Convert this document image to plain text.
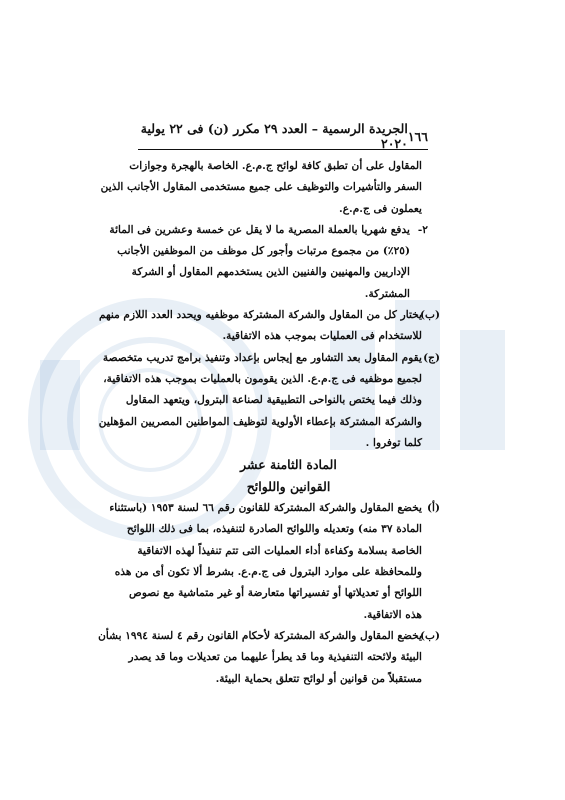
١٦٦
الجريدة الرسمية – العدد ٢٩ مكرر (ن) فى ٢٢ يولية ٢٠٢٠
المقاول على أن تطبق كافة لوائح ج.م.ع. الخاصة بالهجرة وجوازات
السفر والتأشيرات والتوظيف على جميع مستخدمى المقاول الأجانب الذين
يعملون فى ج.م.ع.
٢-
يدفع شهريا بالعملة المصرية ما لا يقل عن خمسة وعشرين فى المائة
(٢٥٪) من مجموع مرتبات وأجور كل موظف من الموظفين الأجانب
الإداريين والمهنيين والفنيين الذين يستخدمهم المقاول أو الشركة
المشتركة.
(ب)
يختار كل من المقاول والشركة المشتركة موظفيه ويحدد العدد اللازم منهم
للاستخدام فى العمليات بموجب هذه الاتفاقية.
(ج)
يقوم المقاول بعد التشاور مع إيجاس بإعداد وتنفيذ برامج تدريب متخصصة
لجميع موظفيه فى ج.م.ع. الذين يقومون بالعمليات بموجب هذه الاتفاقية،
وذلك فيما يختص بالنواحى التطبيقية لصناعة البترول، ويتعهد المقاول
والشركة المشتركة بإعطاء الأولوية لتوظيف المواطنين المصريين المؤهلين
كلما توفروا .
المادة الثامنة عشر
القوانين واللوائح
(أ)
يخضع المقاول والشركة المشتركة للقانون رقم ٦٦ لسنة ١٩٥٣ (باستثناء
المادة ٣٧ منه) وتعديله واللوائح الصادرة لتنفيذه، بما فى ذلك اللوائح
الخاصة بسلامة وكفاءة أداء العمليات التى تتم تنفيذاً لهذه الاتفاقية
وللمحافظة على موارد البترول فى ج.م.ع. بشرط ألا تكون أى من هذه
اللوائح أو تعديلاتها أو تفسيراتها متعارضة أو غير متماشية مع نصوص
هذه الاتفاقية.
(ب)
يخضع المقاول والشركة المشتركة لأحكام القانون رقم ٤ لسنة ١٩٩٤ بشأن
البيئة ولائحته التنفيذية وما قد يطرأ عليهما من تعديلات وما قد يصدر
مستقبلاً من قوانين أو لوائح تتعلق بحماية البيئة.
